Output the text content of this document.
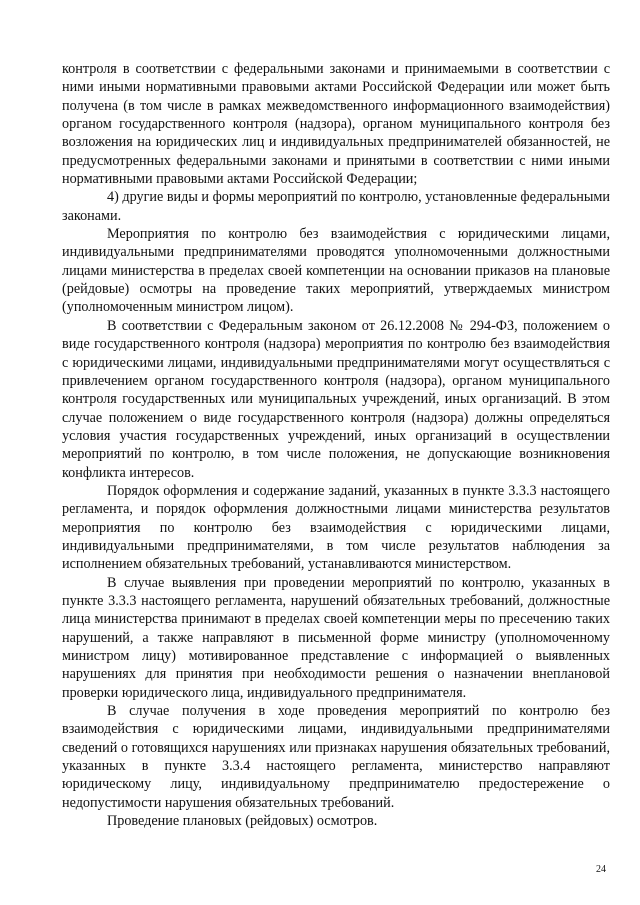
контроля в соответствии с федеральными законами и принимаемыми в соответствии с ними иными нормативными правовыми актами Российской Федерации или может быть получена (в том числе в рамках межведомственного информационного взаимодействия) органом государственного контроля (надзора), органом муниципального контроля без возложения на юридических лиц и индивидуальных предпринимателей обязанностей, не предусмотренных федеральными законами и принятыми в соответствии с ними иными нормативными правовыми актами Российской Федерации;

4) другие виды и формы мероприятий по контролю, установленные федеральными законами.

Мероприятия по контролю без взаимодействия с юридическими лицами, индивидуальными предпринимателями проводятся уполномоченными должностными лицами министерства в пределах своей компетенции на основании приказов на плановые (рейдовые) осмотры на проведение таких мероприятий, утверждаемых министром (уполномоченным министром лицом).

В соответствии с Федеральным законом от 26.12.2008 № 294-ФЗ, положением о виде государственного контроля (надзора) мероприятия по контролю без взаимодействия с юридическими лицами, индивидуальными предпринимателями могут осуществляться с привлечением органом государственного контроля (надзора), органом муниципального контроля государственных или муниципальных учреждений, иных организаций. В этом случае положением о виде государственного контроля (надзора) должны определяться условия участия государственных учреждений, иных организаций в осуществлении мероприятий по контролю, в том числе положения, не допускающие возникновения конфликта интересов.

Порядок оформления и содержание заданий, указанных в пункте 3.3.3 настоящего регламента, и порядок оформления должностными лицами министерства результатов мероприятия по контролю без взаимодействия с юридическими лицами, индивидуальными предпринимателями, в том числе результатов наблюдения за исполнением обязательных требований, устанавливаются министерством.

В случае выявления при проведении мероприятий по контролю, указанных в пункте 3.3.3 настоящего регламента, нарушений обязательных требований, должностные лица министерства принимают в пределах своей компетенции меры по пресечению таких нарушений, а также направляют в письменной форме министру (уполномоченному министром лицу) мотивированное представление с информацией о выявленных нарушениях для принятия при необходимости решения о назначении внеплановой проверки юридического лица, индивидуального предпринимателя.

В случае получения в ходе проведения мероприятий по контролю без взаимодействия с юридическими лицами, индивидуальными предпринимателями сведений о готовящихся нарушениях или признаках нарушения обязательных требований, указанных в пункте 3.3.4 настоящего регламента, министерство направляют юридическому лицу, индивидуальному предпринимателю предостережение о недопустимости нарушения обязательных требований.

Проведение плановых (рейдовых) осмотров.

24
